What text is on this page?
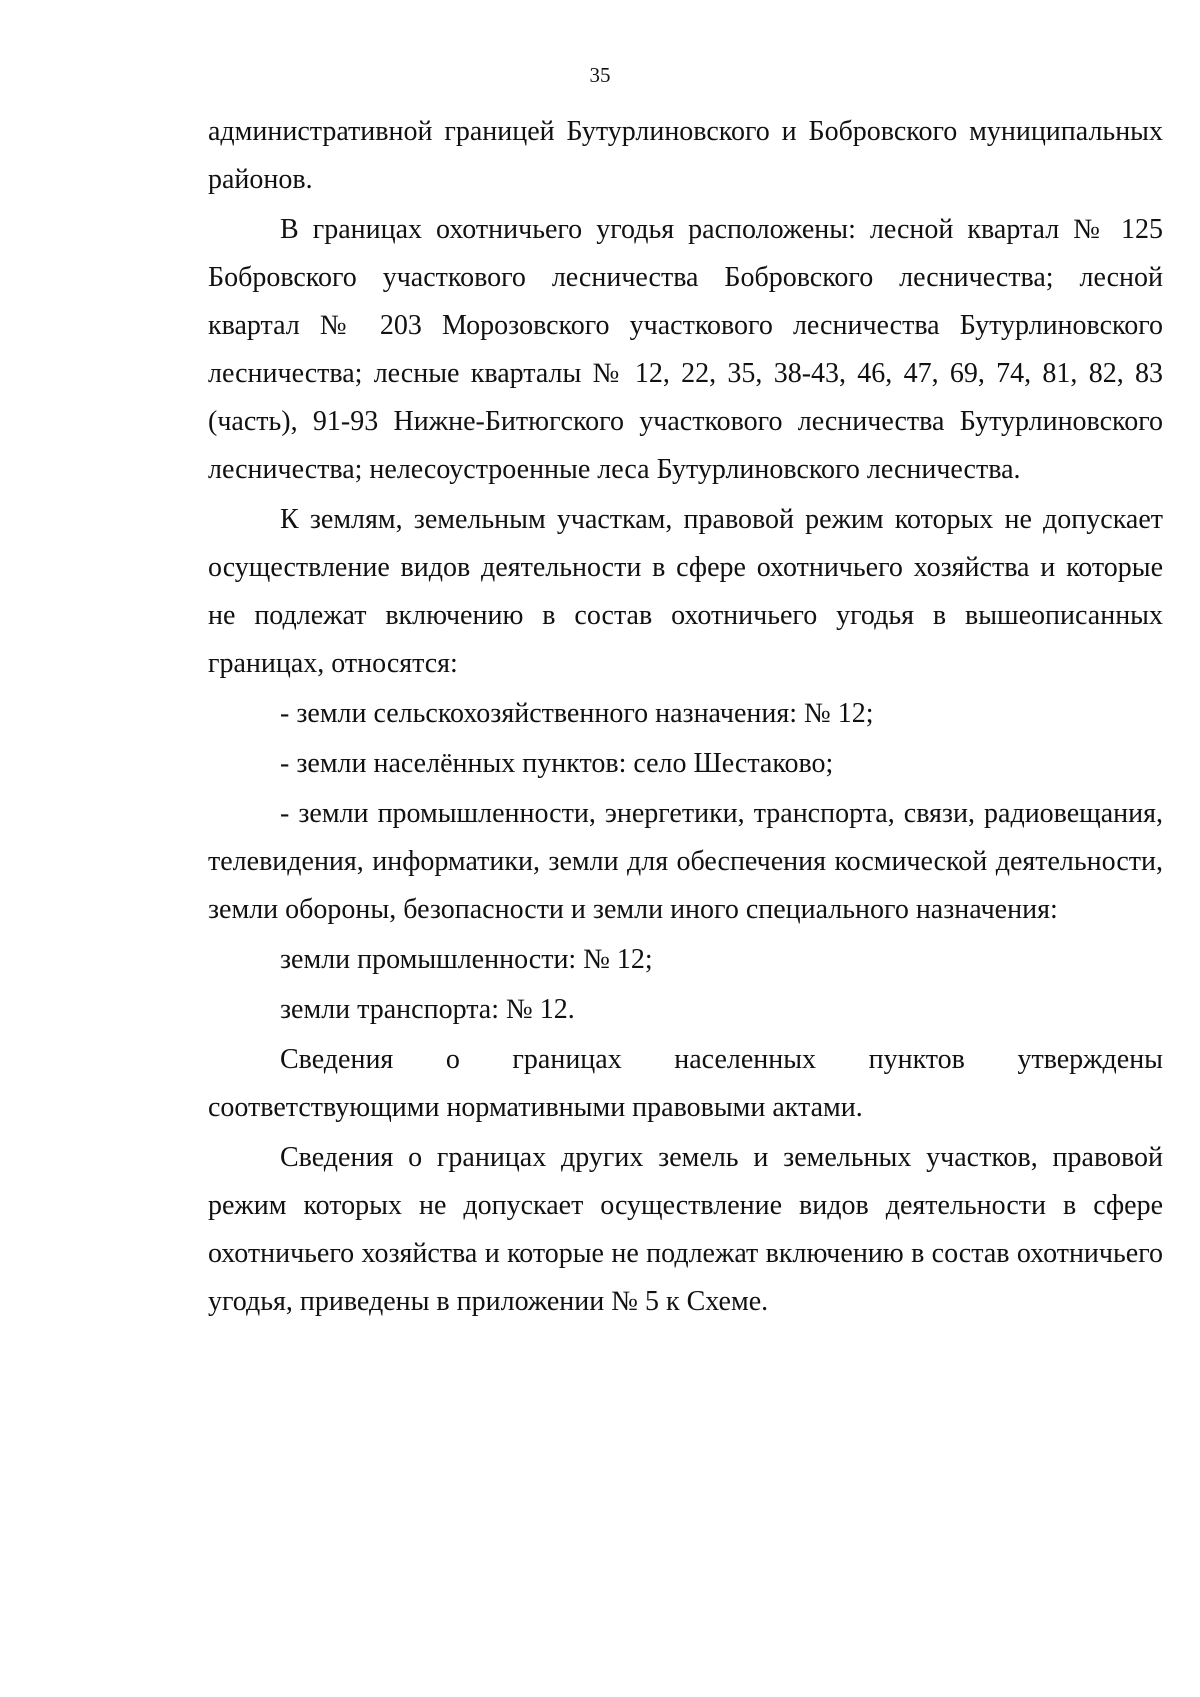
35

административной границей Бутурлиновского и Бобровского муниципальных районов.

В границах охотничьего угодья расположены: лесной квартал № 125 Бобровского участкового лесничества Бобровского лесничества; лесной квартал № 203 Морозовского участкового лесничества Бутурлиновского лесничества; лесные кварталы № 12, 22, 35, 38-43, 46, 47, 69, 74, 81, 82, 83 (часть), 91-93 Нижне-Битюгского участкового лесничества Бутурлиновского лесничества; нелесоустроенные леса Бутурлиновского лесничества.

К землям, земельным участкам, правовой режим которых не допускает осуществление видов деятельности в сфере охотничьего хозяйства и которые не подлежат включению в состав охотничьего угодья в вышеописанных границах, относятся:

- земли сельскохозяйственного назначения: № 12;

- земли населённых пунктов: село Шестаково;

- земли промышленности, энергетики, транспорта, связи, радиовещания, телевидения, информатики, земли для обеспечения космической деятельности, земли обороны, безопасности и земли иного специального назначения:

земли промышленности: № 12;

земли транспорта: № 12.

Сведения о границах населенных пунктов утверждены соответствующими нормативными правовыми актами.

Сведения о границах других земель и земельных участков, правовой режим которых не допускает осуществление видов деятельности в сфере охотничьего хозяйства и которые не подлежат включению в состав охотничьего угодья, приведены в приложении № 5 к Схеме.
